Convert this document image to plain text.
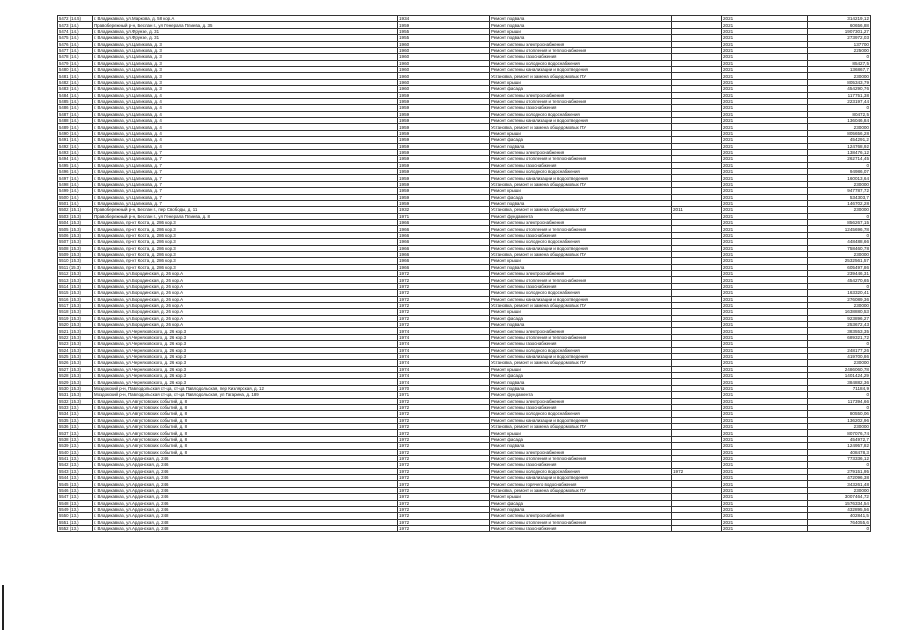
5472 (14.5)	г. Владикавказ, ул.Маркова, д. 58 кор.А	1934	Ремонт подвала		2021	314219,12
5473 (14.)	Правобережный р-н, Беслан г., ул Генерала Плиева, д. 35	1959	Ремонт подвала		2021	60656,88
5474 (14.)	г. Владикавказ, ул.Фрунзе, д. 31	1955	Ремонт крыши		2021	1907301,27
5475 (14.)	г. Владикавказ, ул.Фрунзе, д. 31	1955	Ремонт подвала		2021	273972,03
5476 (14.)	г. Владикавказ, ул.Цаликова, д. 3	1960	Ремонт системы электроснабжения		2021	137700
5477 (14.)	г. Владикавказ, ул.Цаликова, д. 3	1960	Ремонт системы отопления и теплоснабжения		2021	225000
5478 (14.)	г. Владикавказ, ул.Цаликова, д. 3	1960	Ремонт системы газоснабжения		2021	0
5479 (14.)	г. Владикавказ, ул.Цаликова, д. 3	1960	Ремонт системы холодного водоснабжения		2021	85427,5
5480 (14.)	г. Владикавказ, ул.Цаликова, д. 3	1960	Ремонт системы канализации и водоотведения		2021	136867,7
5481 (14.)	г. Владикавказ, ул.Цаликова, д. 3	1960	Установка, ремонт и замена общедомовых ПУ		2021	230000
5482 (14.)	г. Владикавказ, ул.Цаликова, д. 3	1960	Ремонт крыши		2021	805343,79
5483 (14.)	г. Владикавказ, ул.Цаликова, д. 3	1960	Ремонт фасада		2021	454290,76
5484 (14.)	г. Владикавказ, ул.Цаликова, д. 4	1959	Ремонт системы электроснабжения		2021	117751,38
5485 (14.)	г. Владикавказ, ул.Цаликова, д. 4	1959	Ремонт системы отопления и теплоснабжения		2021	223197,44
5486 (14.)	г. Владикавказ, ул.Цаликова, д. 4	1959	Ремонт системы газоснабжения		2021	0
5487 (14.)	г. Владикавказ, ул.Цаликова, д. 4	1959	Ремонт системы холодного водоснабжения		2021	80472,5
5488 (14.)	г. Владикавказ, ул.Цаликова, д. 4	1959	Ремонт системы канализации и водоотведения		2021	136046,84
5489 (14.)	г. Владикавказ, ул.Цаликова, д. 4	1959	Установка, ремонт и замена общедомовых ПУ		2021	230000
5490 (14.)	г. Владикавказ, ул.Цаликова, д. 4	1959	Ремонт крыши		2021	805656,28
5491 (14.)	г. Владикавказ, ул.Цаликова, д. 4	1959	Ремонт фасада		2021	454291,2
5492 (14.)	г. Владикавказ, ул.Цаликова, д. 4	1959	Ремонт подвала		2021	124768,92
5493 (14.)	г. Владикавказ, ул.Цаликова, д. 7	1959	Ремонт системы электроснабжения		2021	138476,12
5494 (14.)	г. Владикавказ, ул.Цаликова, д. 7	1959	Ремонт системы отопления и теплоснабжения		2021	262714,45
5495 (14.)	г. Владикавказ, ул.Цаликова, д. 7	1959	Ремонт системы газоснабжения		2021	0
5496 (14.)	г. Владикавказ, ул.Цаликова, д. 7	1959	Ремонт системы холодного водоснабжения		2021	94986,07
5497 (14.)	г. Владикавказ, ул.Цаликова, д. 7	1959	Ремонт системы канализации и водоотведения		2021	160013,64
5498 (14.)	г. Владикавказ, ул.Цаликова, д. 7	1959	Установка, ремонт и замена общедомовых ПУ		2021	230000
5499 (14.)	г. Владикавказ, ул.Цаликова, д. 7	1959	Ремонт крыши		2021	947787,72
5500 (14.)	г. Владикавказ, ул.Цаликова, д. 7	1959	Ремонт фасада		2021	534303,7
5501 (14.)	г. Владикавказ, ул.Цаликова, д. 7	1959	Ремонт подвала		2021	146702,28
5502 (15.1)	Правобережный р-н, Беслан г., пер Свободы, д. 11	1932	Установка, ремонт и замена общедомовых ПУ	2011	2021	230000
5503 (15.3)	Правобережный р-н, Беслан г., ул Генерала Плиева, д. 8	1971	Ремонт фундамента		2021	0
5504 (15.3)	г. Владикавказ, пр-кт Коста, д. 286 кор.3	1966	Ремонт системы электроснабжения		2021	856267,15
5505 (15.3)	г. Владикавказ, пр-кт Коста, д. 286 кор.3	1966	Ремонт системы отопления и теплоснабжения		2021	1245696,78
5506 (15.3)	г. Владикавказ, пр-кт Коста, д. 286 кор.3	1966	Ремонт системы газоснабжения		2021	0
5507 (15.3)	г. Владикавказ, пр-кт Коста, д. 286 кор.3	1966	Ремонт системы холодного водоснабжения		2021	448488,66
5508 (15.3)	г. Владикавказ, пр-кт Коста, д. 286 кор.3	1966	Ремонт системы канализации и водоотведения		2021	758460,78
5509 (15.3)	г. Владикавказ, пр-кт Коста, д. 286 кор.3	1966	Установка, ремонт и замена общедомовых ПУ		2021	230000
5510 (15.3)	г. Владикавказ, пр-кт Коста, д. 286 кор.3	1966	Ремонт крыши		2021	2532561,57
5511 (15.3)	г. Владикавказ, пр-кт Коста, д. 286 кор.3	1966	Ремонт подвала		2021	605497,86
5512 (15.3)	г. Владикавказ, ул.Бородинская, д. 26 кор.А	1972	Ремонт системы электроснабжения		2021	239446,31
5513 (15.3)	г. Владикавказ, ул.Бородинская, д. 26 кор.А	1972	Ремонт системы отопления и теплоснабжения		2021	454270,65
5514 (15.3)	г. Владикавказ, ул.Бородинская, д. 26 кор.А	1972	Ремонт системы газоснабжения		2021	0
5515 (15.3)	г. Владикавказ, ул.Бородинская, д. 26 кор.А	1972	Ремонт системы холодного водоснабжения		2021	163320,41
5516 (15.3)	г. Владикавказ, ул.Бородинская, д. 26 кор.А	1972	Ремонт системы канализации и водоотведения		2021	276089,36
5517 (15.3)	г. Владикавказ, ул.Бородинская, д. 26 кор.А	1972	Установка, ремонт и замена общедомовых ПУ		2021	230000
5518 (15.3)	г. Владикавказ, ул.Бородинская, д. 26 кор.А	1972	Ремонт крыши		2021	1638880,53
5519 (15.3)	г. Владикавказ, ул.Бородинская, д. 26 кор.А	1972	Ремонт фасада		2021	923896,27
5520 (15.3)	г. Владикавказ, ул.Бородинская, д. 26 кор.А	1972	Ремонт подвала		2021	253672,43
5521 (15.3)	г. Владикавказ, ул.Черняховского, д. 26 кор.3	1974	Ремонт системы электроснабжения		2021	383553,35
5522 (15.3)	г. Владикавказ, ул.Черняховского, д. 26 кор.3	1974	Ремонт системы отопления и теплоснабжения		2021	689321,72
5523 (15.3)	г. Владикавказ, ул.Черняховского, д. 26 кор.3	1974	Ремонт системы газоснабжения		2021	0
5524 (15.3)	г. Владикавказ, ул.Черняховского, д. 26 кор.3	1974	Ремонт системы холодного водоснабжения		2021	248177,26
5525 (15.3)	г. Владикавказ, ул.Черняховского, д. 26 кор.3	1974	Ремонт системы канализации и водоотведения		2021	419700,86
5526 (15.3)	г. Владикавказ, ул.Черняховского, д. 26 кор.3	1974	Установка, ремонт и замена общедомовых ПУ		2021	230000
5527 (15.3)	г. Владикавказ, ул.Черняховского, д. 26 кор.3	1974	Ремонт крыши		2021	2486060,78
5528 (15.3)	г. Владикавказ, ул.Черняховского, д. 26 кор.3	1974	Ремонт фасада		2021	1401424,29
5529 (15.3)	г. Владикавказ, ул.Черняховского, д. 26 кор.3	1974	Ремонт подвала		2021	384882,36
5530 (15.3)	Моздокский р-н, Павлодольская ст-ца, ст-ца Павлодольская, пер Кизлярская, д. 12	1970	Ремонт подвала		2021	71184,9
5531 (15.3)	Моздокский р-н, Павлодольская ст-ца, ст-ца Павлодольская, ул Гагарина, д. 189	1971	Ремонт фундамента		2021	0
5532 (15.3)	г. Владикавказ, ул.Августовских событий, д. 8	1972	Ремонт системы электроснабжения		2021	117394,66
5533 (13.)	г. Владикавказ, ул.Августовских событий, д. 8	1972	Ремонт системы газоснабжения		2021	0
5534 (13.)	г. Владикавказ, ул.Августовских событий, д. 8	1972	Ремонт системы холодного водоснабжения		2021	80550,06
5535 (13.)	г. Владикавказ, ул.Августовских событий, д. 8	1972	Ремонт системы канализации и водоотведения		2021	136202,96
5536 (13.)	г. Владикавказ, ул.Августовских событий, д. 8	1972	Установка, ремонт и замена общедомовых ПУ		2021	230000
5537 (13.)	г. Владикавказ, ул.Августовских событий, д. 8	1972	Ремонт крыши		2021	807076,74
5538 (13.)	г. Владикавказ, ул.Августовских событий, д. 8	1972	Ремонт фасада		2021	454972,7
5539 (13.)	г. Владикавказ, ул.Августовских событий, д. 8	1972	Ремонт подвала		2021	124957,82
5540 (13.)	г. Владикавказ, ул.Августовских событий, д. 8	1972	Ремонт системы электроснабжения		2021	408478,3
5541 (13.)	г. Владикавказ, ул.Ардонская, д. 246	1972	Ремонт системы отопления и теплоснабжения		2021	773336,12
5542 (13.)	г. Владикавказ, ул.Ардонская, д. 246	1972	Ремонт системы газоснабжения		2021	0
5543 (13.)	г. Владикавказ, ул.Ардонская, д. 246	1972	Ремонт системы холодного водоснабжения	1972	2021	279151,95
5544 (13.)	г. Владикавказ, ул.Ардонская, д. 246	1972	Ремонт системы канализации и водоотведения		2021	472096,38
5545 (13.)	г. Владикавказ, ул.Ардонская, д. 246	1972	Ремонт системы горячего водоснабжения		2021	343261,48
5546 (13.)	г. Владикавказ, ул.Ардонская, д. 246	1972	Установка, ремонт и замена общедомовых ПУ		2021	230000
5547 (13.)	г. Владикавказ, ул.Ардонская, д. 246	1972	Ремонт крыши		2021	3007464,72
5548 (13.)	г. Владикавказ, ул.Ардонская, д. 246	1972	Ремонт фасада		2021	1576334,54
5549 (13.)	г. Владикавказ, ул.Ардонская, д. 246	1972	Ремонт подвала		2021	432895,56
5550 (13.)	г. Владикавказ, ул.Ардонская, д. 248	1972	Ремонт системы электроснабжения		2021	402841,5
5551 (13.)	г. Владикавказ, ул.Ардонская, д. 248	1972	Ремонт системы отопления и теплоснабжения		2021	764055,6
5552 (13.)	г. Владикавказ, ул.Ардонская, д. 248	1972	Ремонт системы газоснабжения		2021	0
